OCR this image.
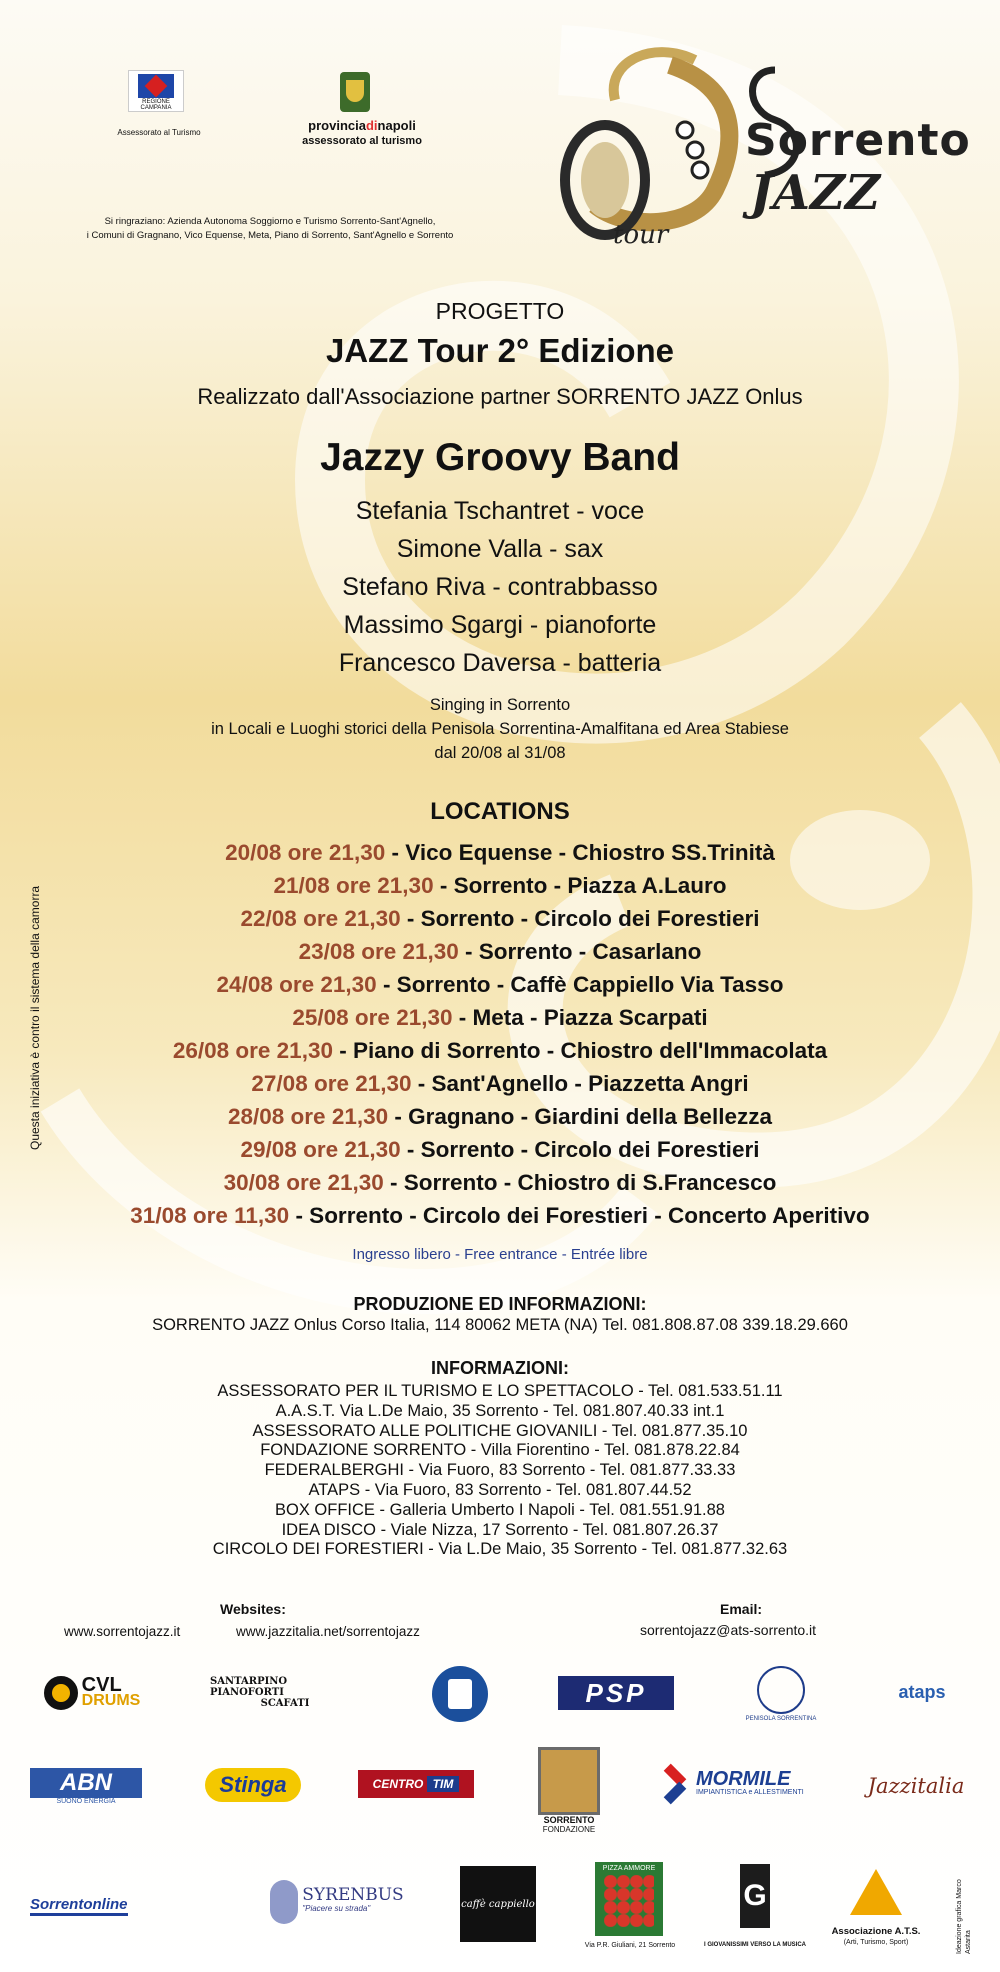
REGIONE CAMPANIA
Assessorato al Turismo	provinciadinapoli
assessorato al turismo
Si ringraziano: Azienda Autonoma Soggiorno e Turismo Sorrento-Sant'Agnello,
i Comuni di Gragnano, Vico Equense, Meta, Piano di Sorrento, Sant'Agnello e Sorrento
Sorrento
JAZZ
tour
PROGETTO
JAZZ Tour 2° Edizione
Realizzato dall'Associazione partner SORRENTO JAZZ Onlus
Jazzy Groovy Band
Stefania Tschantret - voce
Simone Valla - sax
Stefano Riva - contrabbasso
Massimo Sgargi - pianoforte
Francesco Daversa - batteria
Singing in Sorrento
in Locali e Luoghi storici della Penisola Sorrentina-Amalfitana ed Area Stabiese
dal 20/08 al 31/08
LOCATIONS
20/08 ore 21,30 - Vico Equense - Chiostro SS.Trinità
21/08 ore 21,30 - Sorrento - Piazza A.Lauro
22/08 ore 21,30 - Sorrento - Circolo dei Forestieri
23/08 ore 21,30 - Sorrento - Casarlano
24/08 ore 21,30 - Sorrento - Caffè Cappiello Via Tasso
25/08 ore 21,30 - Meta - Piazza Scarpati
26/08 ore 21,30 - Piano di Sorrento - Chiostro dell'Immacolata
27/08 ore 21,30 - Sant'Agnello - Piazzetta Angri
28/08 ore 21,30 - Gragnano - Giardini della Bellezza
29/08 ore 21,30 - Sorrento - Circolo dei Forestieri
30/08 ore 21,30 - Sorrento - Chiostro di S.Francesco
31/08 ore 11,30 - Sorrento - Circolo dei Forestieri - Concerto Aperitivo
Ingresso libero - Free entrance - Entrée libre
Questa iniziativa è contro il sistema della camorra
PRODUZIONE ED INFORMAZIONI:
SORRENTO JAZZ Onlus Corso Italia, 114 80062 META (NA) Tel. 081.808.87.08 339.18.29.660
INFORMAZIONI:
ASSESSORATO PER IL TURISMO E LO SPETTACOLO - Tel. 081.533.51.11
A.A.S.T. Via L.De Maio, 35 Sorrento - Tel. 081.807.40.33 int.1
ASSESSORATO ALLE POLITICHE GIOVANILI - Tel. 081.877.35.10
FONDAZIONE SORRENTO - Villa Fiorentino - Tel. 081.878.22.84
FEDERALBERGHI - Via Fuoro, 83 Sorrento - Tel. 081.877.33.33
ATAPS - Via Fuoro, 83 Sorrento - Tel. 081.807.44.52
BOX OFFICE - Galleria Umberto I Napoli - Tel. 081.551.91.88
IDEA DISCO - Viale Nizza, 17 Sorrento - Tel. 081.807.26.37
CIRCOLO DEI FORESTIERI - Via L.De Maio, 35 Sorrento - Tel. 081.877.32.63
Websites:
www.sorrentojazz.it	www.jazzitalia.net/sorrentojazz
Email:
sorrentojazz@ats-sorrento.it
CVL
DRUMS
SANTARPINO PIANOFORTI
SCAFATI	PSP
PENISOLA SORRENTINA
ataps
ABN
SUONO ENERGIA
Stinga	CENTRO
TIM
SORRENTO
FONDAZIONE
MORMILE
IMPIANTISTICA e ALLESTIMENTI	Jazzitalia
Sorrentonline	SYRENBUS
"Piacere su strada"	caffè cappiello
PIZZA AMMORE
Via P.R. Giuliani, 21 Sorrento
G
I GIOVANISSIMI VERSO LA MUSICA
Associazione A.T.S.
(Arti, Turismo, Sport)	Ideazione grafica Marco Astarita
